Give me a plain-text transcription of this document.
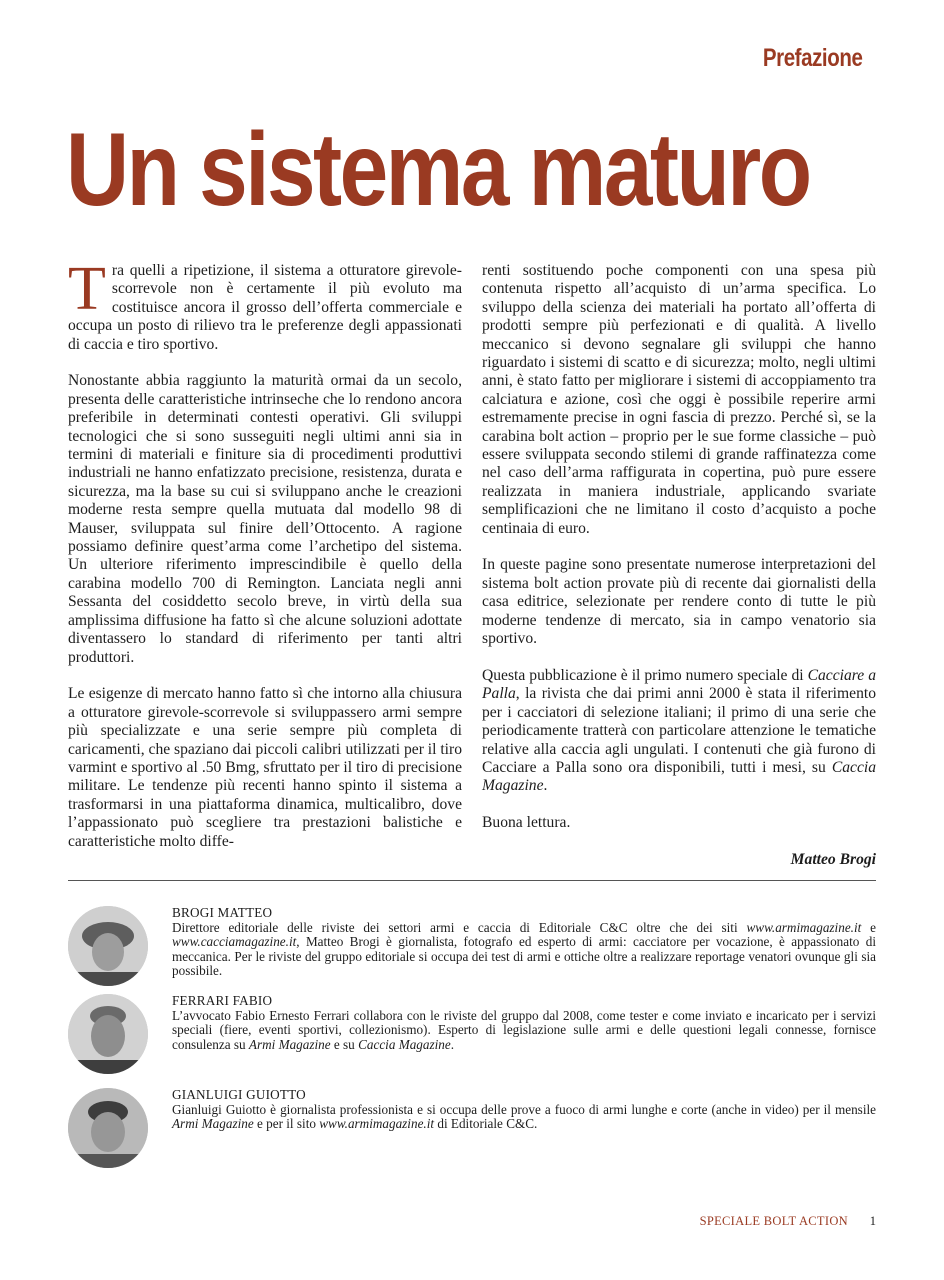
Prefazione
Un sistema maturo

Tra quelli a ripetizione, il sistema a otturatore girevole-scorrevole non è certamente il più evoluto ma costituisce ancora il grosso dell’offerta commerciale e occupa un posto di rilievo tra le preferenze degli appassionati di caccia e tiro sportivo.

Nonostante abbia raggiunto la maturità ormai da un secolo, presenta delle caratteristiche intrinseche che lo rendono ancora preferibile in determinati contesti operativi. Gli sviluppi tecnologici che si sono susseguiti negli ultimi anni sia in termini di materiali e finiture sia di procedimenti produttivi industriali ne hanno enfatizzato precisione, resistenza, durata e sicurezza, ma la base su cui si sviluppano anche le creazioni moderne resta sempre quella mutuata dal modello 98 di Mauser, sviluppata sul finire dell’Ottocento. A ragione possiamo definire quest’arma come l’archetipo del sistema. Un ulteriore riferimento imprescindibile è quello della carabina modello 700 di Remington. Lanciata negli anni Sessanta del cosiddetto secolo breve, in virtù della sua amplissima diffusione ha fatto sì che alcune soluzioni adottate diventassero lo standard di riferimento per tanti altri produttori.

Le esigenze di mercato hanno fatto sì che intorno alla chiusura a otturatore girevole-scorrevole si sviluppassero armi sempre più specializzate e una serie sempre più completa di caricamenti, che spaziano dai piccoli calibri utilizzati per il tiro varmint e sportivo al .50 Bmg, sfruttato per il tiro di precisione militare. Le tendenze più recenti hanno spinto il sistema a trasformarsi in una piattaforma dinamica, multicalibro, dove l’appassionato può scegliere tra prestazioni balistiche e caratteristiche molto diffe-

renti sostituendo poche componenti con una spesa più contenuta rispetto all’acquisto di un’arma specifica. Lo sviluppo della scienza dei materiali ha portato all’offerta di prodotti sempre più perfezionati e di qualità. A livello meccanico si devono segnalare gli sviluppi che hanno riguardato i sistemi di scatto e di sicurezza; molto, negli ultimi anni, è stato fatto per migliorare i sistemi di accoppiamento tra calciatura e azione, così che oggi è possibile reperire armi estremamente precise in ogni fascia di prezzo. Perché sì, se la carabina bolt action – proprio per le sue forme classiche – può essere sviluppata secondo stilemi di grande raffinatezza come nel caso dell’arma raffigurata in copertina, può pure essere realizzata in maniera industriale, applicando svariate semplificazioni che ne limitano il costo d’acquisto a poche centinaia di euro.

In queste pagine sono presentate numerose interpretazioni del sistema bolt action provate più di recente dai giornalisti della casa editrice, selezionate per rendere conto di tutte le più moderne tendenze di mercato, sia in campo venatorio sia sportivo.

Questa pubblicazione è il primo numero speciale di Cacciare a Palla, la rivista che dai primi anni 2000 è stata il riferimento per i cacciatori di selezione italiani; il primo di una serie che periodicamente tratterà con particolare attenzione le tematiche relative alla caccia agli ungulati. I contenuti che già furono di Cacciare a Palla sono ora disponibili, tutti i mesi, su Caccia Magazine.

Buona lettura.

Matteo Brogi

BROGI MATTEO
Direttore editoriale delle riviste dei settori armi e caccia di Editoriale C&C oltre che dei siti www.armimagazine.it e www.cacciamagazine.it, Matteo Brogi è giornalista, fotografo ed esperto di armi: cacciatore per vocazione, è appassionato di meccanica. Per le riviste del gruppo editoriale si occupa dei test di armi e ottiche oltre a realizzare reportage venatori ovunque gli sia possibile.
FERRARI FABIO
L’avvocato Fabio Ernesto Ferrari collabora con le riviste del gruppo dal 2008, come tester e come inviato e incaricato per i servizi speciali (fiere, eventi sportivi, collezionismo). Esperto di legislazione sulle armi e delle questioni legali connesse, fornisce consulenza su Armi Magazine e su Caccia Magazine.
GIANLUIGI GUIOTTO
Gianluigi Guiotto è giornalista professionista e si occupa delle prove a fuoco di armi lunghe e corte (anche in video) per il mensile Armi Magazine e per il sito www.armimagazine.it di Editoriale C&C.
SPECIALE BOLT ACTION 1
